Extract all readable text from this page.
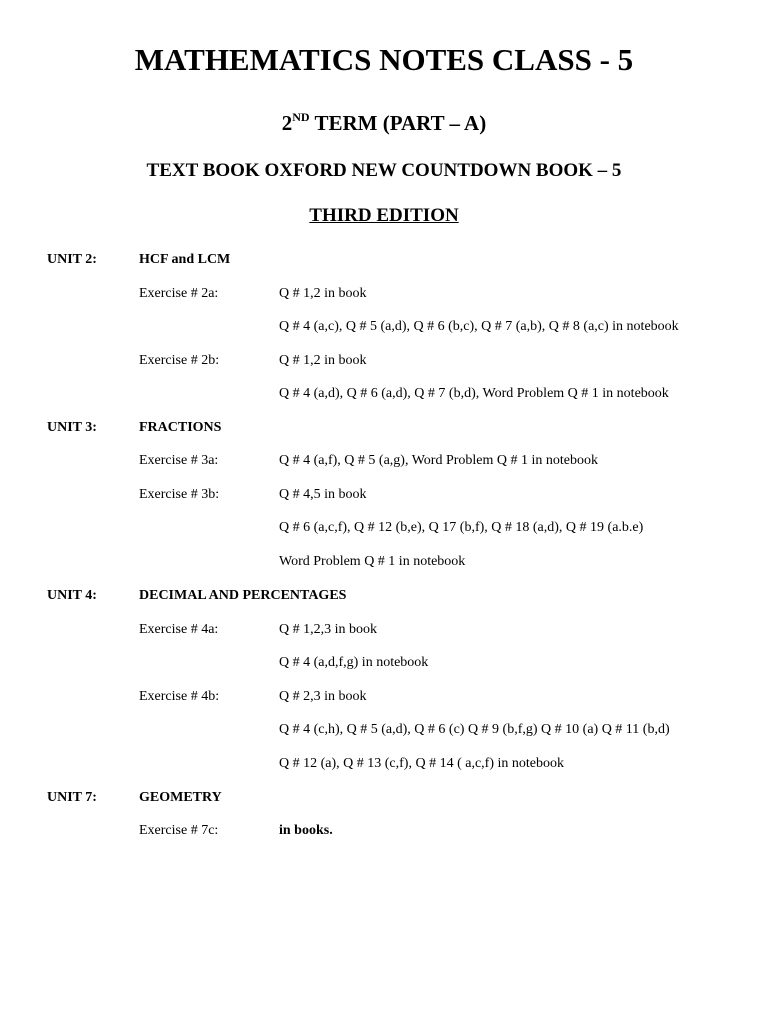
MATHEMATICS NOTES CLASS - 5
2ND TERM (PART – A)
TEXT BOOK OXFORD NEW COUNTDOWN BOOK – 5
THIRD EDITION
UNIT 2:	HCF and LCM
Exercise # 2a:	Q # 1,2 in book
Q # 4 (a,c), Q # 5 (a,d), Q # 6 (b,c), Q # 7 (a,b), Q # 8 (a,c) in notebook
Exercise # 2b:	Q # 1,2 in book
Q # 4 (a,d), Q # 6 (a,d), Q # 7 (b,d), Word Problem Q # 1 in notebook
UNIT 3:	FRACTIONS
Exercise # 3a:	Q # 4 (a,f), Q # 5 (a,g), Word Problem Q # 1 in notebook
Exercise # 3b:	Q # 4,5 in book
Q # 6 (a,c,f), Q # 12 (b,e), Q 17 (b,f), Q # 18 (a,d), Q # 19 (a.b.e)
Word Problem Q # 1 in notebook
UNIT 4:	DECIMAL AND PERCENTAGES
Exercise # 4a:	Q # 1,2,3 in book
Q # 4 (a,d,f,g) in notebook
Exercise # 4b:	Q # 2,3 in book
Q # 4 (c,h), Q # 5 (a,d), Q # 6 (c) Q # 9 (b,f,g) Q # 10 (a) Q # 11 (b,d)
Q # 12 (a), Q # 13 (c,f), Q # 14 ( a,c,f) in notebook
UNIT 7:	GEOMETRY
Exercise # 7c:	in books.
